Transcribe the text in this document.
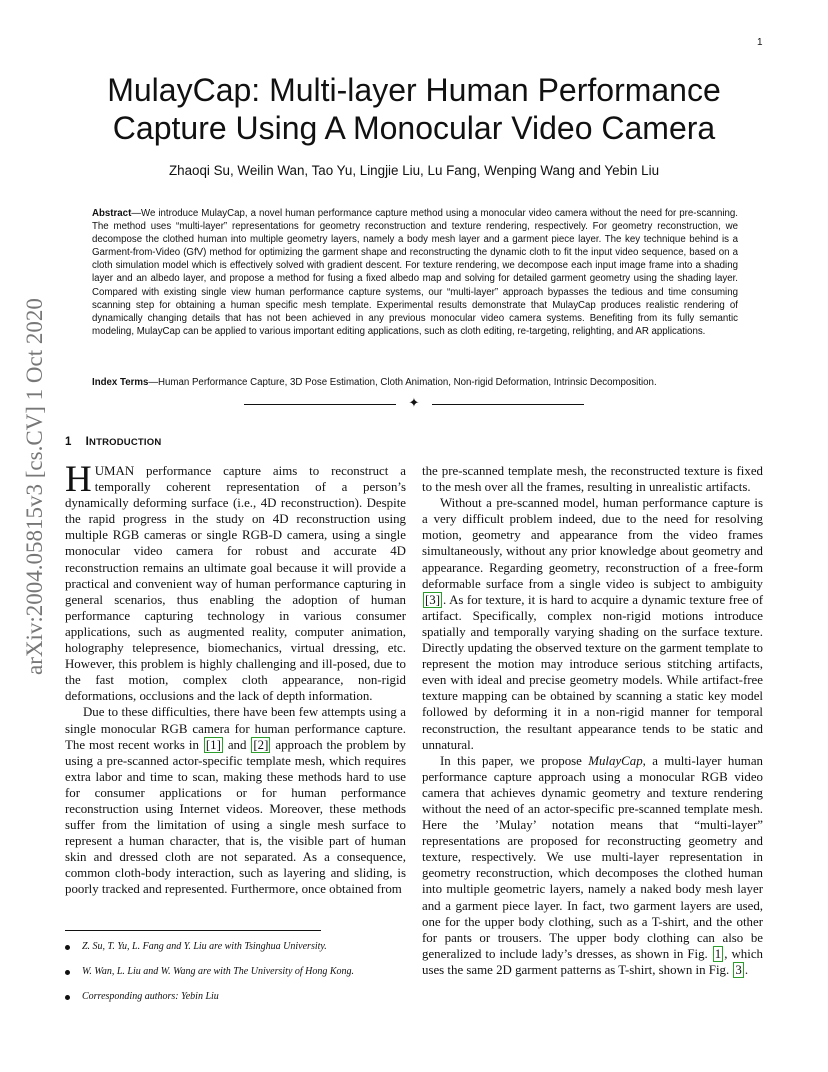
1
MulayCap: Multi-layer Human Performance
Capture Using A Monocular Video Camera
Zhaoqi Su, Weilin Wan, Tao Yu, Lingjie Liu, Lu Fang, Wenping Wang and Yebin Liu

Abstract—We introduce MulayCap, a novel human performance capture method using a monocular video camera without the need for pre-scanning. The method uses “multi-layer” representations for geometry reconstruction and texture rendering, respectively. For geometry reconstruction, we decompose the clothed human into multiple geometry layers, namely a body mesh layer and a garment piece layer. The key technique behind is a Garment-from-Video (GfV) method for optimizing the garment shape and reconstructing the dynamic cloth to fit the input video sequence, based on a cloth simulation model which is effectively solved with gradient descent. For texture rendering, we decompose each input image frame into a shading layer and an albedo layer, and propose a method for fusing a fixed albedo map and solving for detailed garment geometry using the shading layer. Compared with existing single view human performance capture systems, our “multi-layer” approach bypasses the tedious and time consuming scanning step for obtaining a human specific mesh template. Experimental results demonstrate that MulayCap produces realistic rendering of dynamically changing details that has not been achieved in any previous monocular video camera systems. Benefiting from its fully semantic modeling, MulayCap can be applied to various important editing applications, such as cloth editing, re-targeting, relighting, and AR applications.

Index Terms—Human Performance Capture, 3D Pose Estimation, Cloth Animation, Non-rigid Deformation, Intrinsic Decomposition.

✦
arXiv:2004.05815v3 [cs.CV] 1 Oct 2020	1 INTRODUCTION

HUMAN performance capture aims to reconstruct a temporally coherent representation of a person’s dynamically deforming surface (i.e., 4D reconstruction). Despite the rapid progress in the study on 4D reconstruction using multiple RGB cameras or single RGB-D camera, using a single monocular video camera for robust and accurate 4D reconstruction remains an ultimate goal because it will provide a practical and convenient way of human performance capturing in general scenarios, thus enabling the adoption of human performance capturing technology in various consumer applications, such as augmented reality, computer animation, holography telepresence, biomechanics, virtual dressing, etc. However, this problem is highly challenging and ill-posed, due to the fast motion, complex cloth appearance, non-rigid deformations, occlusions and the lack of depth information.

Due to these difficulties, there have been few attempts using a single monocular RGB camera for human performance capture. The most recent works in [1] and [2] approach the problem by using a pre-scanned actor-specific template mesh, which requires extra labor and time to scan, making these methods hard to use for consumer applications or for human performance reconstruction using Internet videos. Moreover, these methods suffer from the limitation of using a single mesh surface to represent a human character, that is, the visible part of human skin and dressed cloth are not separated. As a consequence, common cloth-body interaction, such as layering and sliding, is poorly tracked and represented. Furthermore, once obtained from

the pre-scanned template mesh, the reconstructed texture is fixed to the mesh over all the frames, resulting in unrealistic artifacts.

Without a pre-scanned model, human performance capture is a very difficult problem indeed, due to the need for resolving motion, geometry and appearance from the video frames simultaneously, without any prior knowledge about geometry and appearance. Regarding geometry, reconstruction of a free-form deformable surface from a single video is subject to ambiguity [3] . As for texture, it is hard to acquire a dynamic texture free of artifact. Specifically, complex non-rigid motions introduce spatially and temporally varying shading on the surface texture. Directly updating the observed texture on the garment template to represent the motion may introduce serious stitching artifacts, even with ideal and precise geometry models. While artifact-free texture mapping can be obtained by scanning a static key model followed by deforming it in a non-rigid manner for temporal reconstruction, the resultant appearance tends to be static and unnatural.

In this paper, we propose MulayCap, a multi-layer human performance capture approach using a monocular RGB video camera that achieves dynamic geometry and texture rendering without the need of an actor-specific pre-scanned template mesh. Here the ’Mulay’ notation means that “multi-layer” representations are proposed for reconstructing geometry and texture, respectively. We use multi-layer representation in geometry reconstruction, which decomposes the clothed human into multiple geometric layers, namely a naked body mesh layer and a garment piece layer. In fact, two garment layers are used, one for the upper body clothing, such as a T-shirt, and the other for pants or trousers. The upper body clothing can also be generalized to include lady’s dresses, as shown in Fig. 1 , which uses the same 2D garment patterns as T-shirt, shown in Fig. 3 .

Z. Su, T. Yu, L. Fang and Y. Liu are with Tsinghua University.
W. Wan, L. Liu and W. Wang are with The University of Hong Kong.
Corresponding authors: Yebin Liu
